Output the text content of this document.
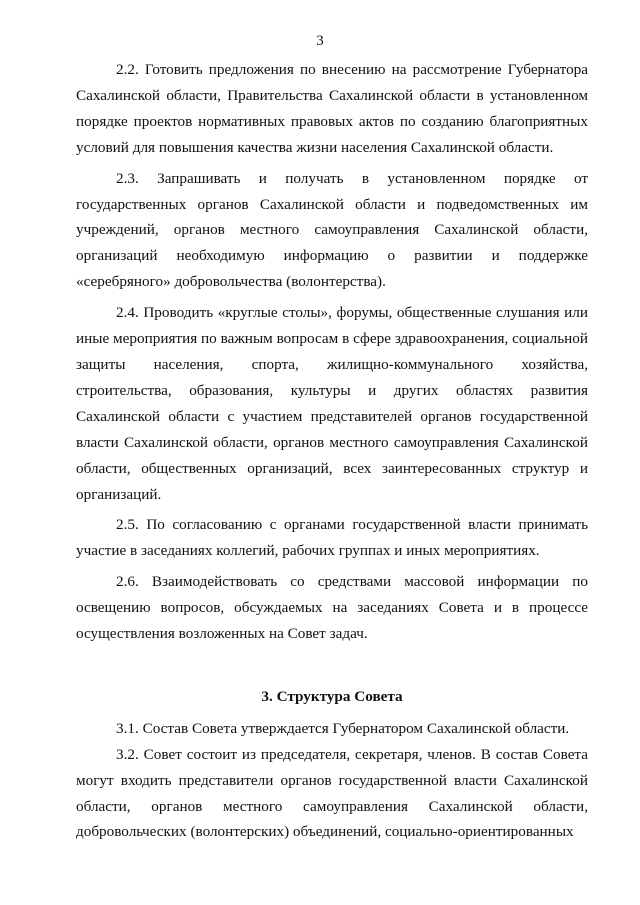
3

2.2. Готовить предложения по внесению на рассмотрение Губернатора Сахалинской области, Правительства Сахалинской области в установленном порядке проектов нормативных правовых актов по созданию благоприятных условий для повышения качества жизни населения Сахалинской области.

2.3. Запрашивать и получать в установленном порядке от государственных органов Сахалинской области и подведомственных им учреждений, органов местного самоуправления Сахалинской области, организаций необходимую информацию о развитии и поддержке «серебряного» добровольчества (волонтерства).

2.4. Проводить «круглые столы», форумы, общественные слушания или иные мероприятия по важным вопросам в сфере здравоохранения, социальной защиты населения, спорта, жилищно-коммунального хозяйства, строительства, образования, культуры и других областях развития Сахалинской области с участием представителей органов государственной власти Сахалинской области, органов местного самоуправления Сахалинской области, общественных организаций, всех заинтересованных структур и организаций.

2.5. По согласованию с органами государственной власти принимать участие в заседаниях коллегий, рабочих группах и иных мероприятиях.

2.6. Взаимодействовать со средствами массовой информации по освещению вопросов, обсуждаемых на заседаниях Совета и в процессе осуществления возложенных на Совет задач.

3. Структура Совета

3.1. Состав Совета утверждается Губернатором Сахалинской области.

3.2. Совет состоит из председателя, секретаря, членов. В состав Совета могут входить представители органов государственной власти Сахалинской области, органов местного самоуправления Сахалинской области, добровольческих (волонтерских) объединений, социально-ориентированных
